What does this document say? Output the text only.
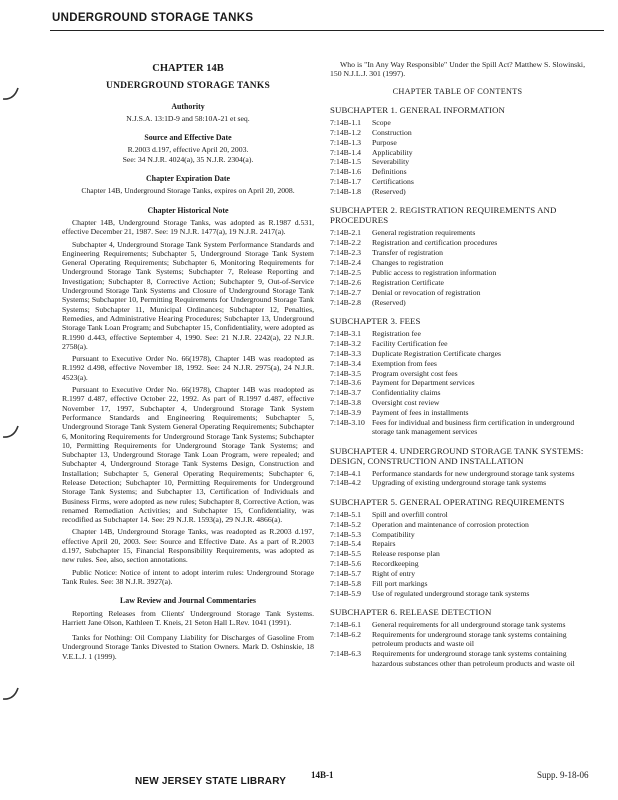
UNDERGROUND STORAGE TANKS
CHAPTER 14B
UNDERGROUND STORAGE TANKS
Authority
N.J.S.A. 13:1D-9 and 58:10A-21 et seq.
Source and Effective Date
R.2003 d.197, effective April 20, 2003.
See: 34 N.J.R. 4024(a), 35 N.J.R. 2304(a).
Chapter Expiration Date
Chapter 14B, Underground Storage Tanks, expires on April 20, 2008.
Chapter Historical Note

Chapter 14B, Underground Storage Tanks, was adopted as R.1987 d.531, effective December 21, 1987. See: 19 N.J.R. 1477(a), 19 N.J.R. 2417(a).

Subchapter 4, Underground Storage Tank System Performance Standards and Engineering Requirements; Subchapter 5, Underground Storage Tank System General Operating Requirements; Subchapter 6, Monitoring Requirements for Underground Storage Tank Systems; Subchapter 7, Release Reporting and Investigation; Subchapter 8, Corrective Action; Subchapter 9, Out-of-Service Underground Storage Tank Systems and Closure of Underground Storage Tank Systems; Subchapter 10, Permitting Requirements for Underground Storage Tank Systems; Subchapter 11, Municipal Ordinances; Subchapter 12, Penalties, Remedies, and Administrative Hearing Procedures; Subchapter 13, Underground Storage Tank Loan Program; and Subchapter 15, Confidentiality, were adopted as R.1990 d.443, effective September 4, 1990. See: 21 N.J.R. 2242(a), 22 N.J.R. 2758(a).

Pursuant to Executive Order No. 66(1978), Chapter 14B was readopted as R.1992 d.498, effective November 18, 1992. See: 24 N.J.R. 2975(a), 24 N.J.R. 4523(a).

Pursuant to Executive Order No. 66(1978), Chapter 14B was readopted as R.1997 d.487, effective October 22, 1992. As part of R.1997 d.487, effective November 17, 1997, Subchapter 4, Underground Storage Tank System Performance Standards and Engineering Requirements; Subchapter 5, Underground Storage Tank System General Operating Requirements; Subchapter 6, Monitoring Requirements for Underground Storage Tank Systems; Subchapter 10, Permitting Requirements for Underground Storage Tank Systems; and Subchapter 13, Underground Storage Tank Loan Program, were repealed; and Subchapter 4, Underground Storage Tank Systems Design, Construction and Installation; Subchapter 5, General Operating Requirements; Subchapter 6, Release Detection; Subchapter 10, Permitting Requirements for Underground Storage Tank Systems; and Subchapter 13, Certification of Individuals and Business Firms, were adopted as new rules; Subchapter 8, Corrective Action, was renamed Remediation Activities; and Subchapter 15, Confidentiality, was recodified as Subchapter 14. See: 29 N.J.R. 1593(a), 29 N.J.R. 4866(a).

Chapter 14B, Underground Storage Tanks, was readopted as R.2003 d.197, effective April 20, 2003. See: Source and Effective Date. As a part of R.2003 d.197, Subchapter 15, Financial Responsibility Requirements, was adopted as new rules. See, also, section annotations.

Public Notice: Notice of intent to adopt interim rules: Underground Storage Tank Rules. See: 38 N.J.R. 3927(a).

Law Review and Journal Commentaries

Reporting Releases from Clients' Underground Storage Tank Systems. Harriett Jane Olson, Kathleen T. Kneis, 21 Seton Hall L.Rev. 1041 (1991).

Tanks for Nothing: Oil Company Liability for Discharges of Gasoline From Underground Storage Tanks Divested to Station Owners. Mark D. Oshinskie, 18 V.E.L.J. 1 (1999).

Who is "In Any Way Responsible" Under the Spill Act? Matthew S. Slowinski, 150 N.J.L.J. 301 (1997).

CHAPTER TABLE OF CONTENTS
SUBCHAPTER 1. GENERAL INFORMATION
7:14B-1.1	Scope
7:14B-1.2	Construction
7:14B-1.3	Purpose
7:14B-1.4	Applicability
7:14B-1.5	Severability
7:14B-1.6	Definitions
7:14B-1.7	Certifications
7:14B-1.8	(Reserved)
SUBCHAPTER 2. REGISTRATION REQUIREMENTS AND PROCEDURES
7:14B-2.1	General registration requirements
7:14B-2.2	Registration and certification procedures
7:14B-2.3	Transfer of registration
7:14B-2.4	Changes to registration
7:14B-2.5	Public access to registration information
7:14B-2.6	Registration Certificate
7:14B-2.7	Denial or revocation of registration
7:14B-2.8	(Reserved)
SUBCHAPTER 3. FEES
7:14B-3.1	Registration fee
7:14B-3.2	Facility Certification fee
7:14B-3.3	Duplicate Registration Certificate charges
7:14B-3.4	Exemption from fees
7:14B-3.5	Program oversight cost fees
7:14B-3.6	Payment for Department services
7:14B-3.7	Confidentiality claims
7:14B-3.8	Oversight cost review
7:14B-3.9	Payment of fees in installments
7:14B-3.10 Fees for individual and business firm certification in underground storage tank management services
SUBCHAPTER 4. UNDERGROUND STORAGE TANK SYSTEMS: DESIGN, CONSTRUCTION AND INSTALLATION
7:14B-4.1	Performance standards for new underground storage tank systems
7:14B-4.2	Upgrading of existing underground storage tank systems
SUBCHAPTER 5. GENERAL OPERATING REQUIREMENTS
7:14B-5.1	Spill and overfill control
7:14B-5.2	Operation and maintenance of corrosion protection
7:14B-5.3	Compatibility
7:14B-5.4	Repairs
7:14B-5.5	Release response plan
7:14B-5.6	Recordkeeping
7:14B-5.7	Right of entry
7:14B-5.8	Fill port markings
7:14B-5.9	Use of regulated underground storage tank systems
SUBCHAPTER 6. RELEASE DETECTION
7:14B-6.1	General requirements for all underground storage tank systems
7:14B-6.2	Requirements for underground storage tank systems containing petroleum products and waste oil
7:14B-6.3	Requirements for underground storage tank systems containing hazardous substances other than petroleum products and waste oil
NEW JERSEY STATE LIBRARY
14B-1	Supp. 9-18-06
